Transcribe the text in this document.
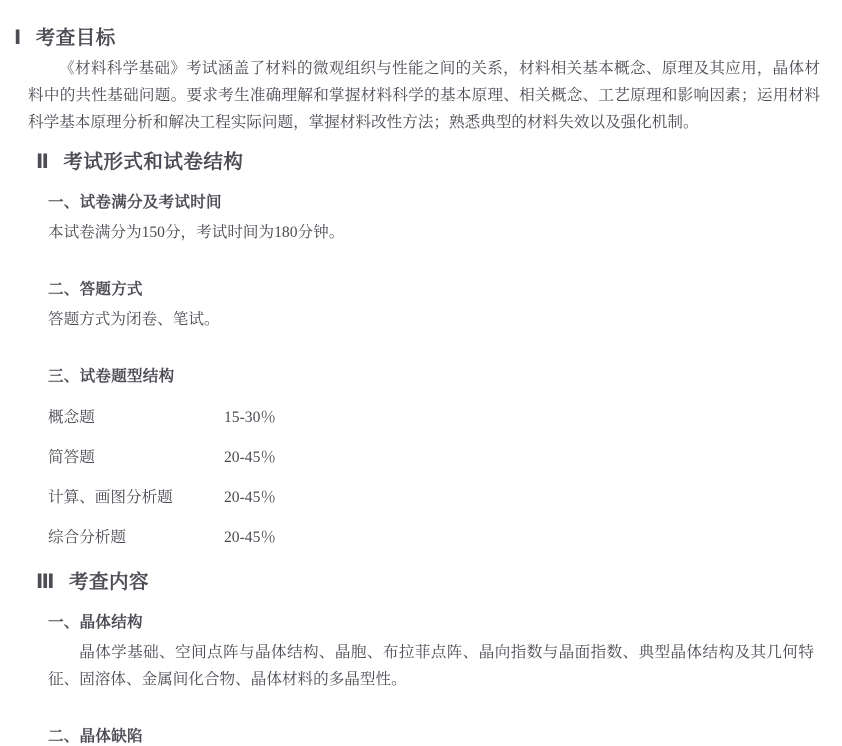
Ⅰ 考查目标

《材料科学基础》考试涵盖了材料的微观组织与性能之间的关系，材料相关基本概念、原理及其应用，晶体材料中的共性基础问题。要求考生准确理解和掌握材料科学的基本原理、相关概念、工艺原理和影响因素；运用材料科学基本原理分析和解决工程实际问题，掌握材料改性方法；熟悉典型的材料失效以及强化机制。

Ⅱ 考试形式和试卷结构
一、试卷满分及考试时间

本试卷满分为150分，考试时间为180分钟。

二、答题方式

答题方式为闭卷、笔试。

三、试卷题型结构
概念题	15-30％
简答题	20-45％
计算、画图分析题	20-45％
综合分析题	20-45％
Ⅲ 考查内容
一、晶体结构

晶体学基础、空间点阵与晶体结构、晶胞、布拉菲点阵、晶向指数与晶面指数、典型晶体结构及其几何特征、固溶体、金属间化合物、晶体材料的多晶型性。

二、晶体缺陷
